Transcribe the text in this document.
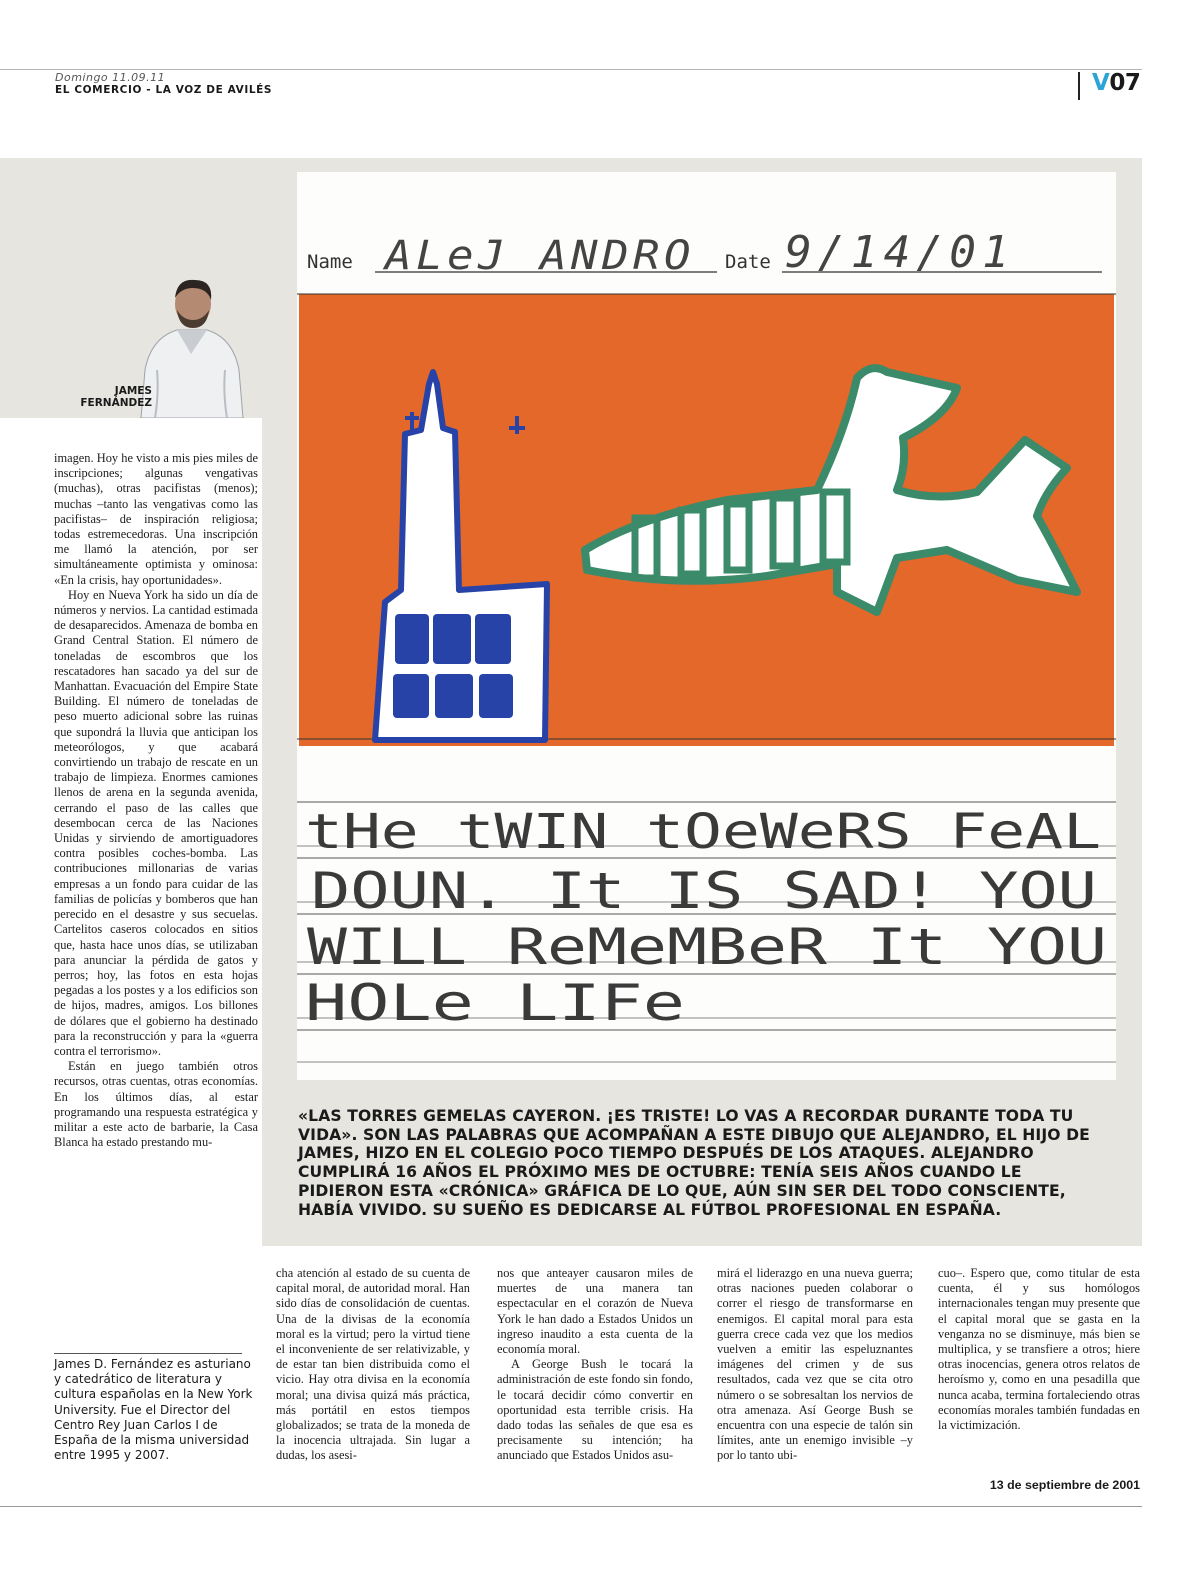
Domingo 11.09.11
EL COMERCIO - LA VOZ DE AVILÉS	V07
JAMES
FERNÁNDEZ
Name ALeJ ANDRO Date 9/14/01
tHe tWIN tOeWeRS FeAL
DOUN. It IS SAD! YOU
WILL ReMeMBeR It YOU
HOLe LIFe
«LAS TORRES GEMELAS CAYERON. ¡ES TRISTE! LO VAS A RECORDAR DURANTE TODA TU VIDA». SON LAS PALABRAS QUE ACOMPAÑAN A ESTE DIBUJO QUE ALEJANDRO, EL HIJO DE JAMES, HIZO EN EL COLEGIO POCO TIEMPO DESPUÉS DE LOS ATAQUES. ALEJANDRO CUMPLIRÁ 16 AÑOS EL PRÓXIMO MES DE OCTUBRE: TENÍA SEIS AÑOS CUANDO LE PIDIERON ESTA «CRÓNICA» GRÁFICA DE LO QUE, AÚN SIN SER DEL TODO CONSCIENTE, HABÍA VIVIDO. SU SUEÑO ES DEDICARSE AL FÚTBOL PROFESIONAL EN ESPAÑA.

imagen. Hoy he visto a mis pies miles de inscripciones; algunas vengativas (muchas), otras pacifistas (menos); muchas –tanto las vengativas como las pacifistas– de inspiración religiosa; todas estremecedoras. Una inscripción me llamó la atención, por ser simultáneamente optimista y ominosa: «En la crisis, hay oportunidades».

Hoy en Nueva York ha sido un día de números y nervios. La cantidad estimada de desaparecidos. Amenaza de bomba en Grand Central Station. El número de toneladas de escombros que los rescatadores han sacado ya del sur de Manhattan. Evacuación del Empire State Building. El número de toneladas de peso muerto adicional sobre las ruinas que supondrá la lluvia que anticipan los meteorólogos, y que acabará convirtiendo un trabajo de rescate en un trabajo de limpieza. Enormes camiones llenos de arena en la segunda avenida, cerrando el paso de las calles que desembocan cerca de las Naciones Unidas y sirviendo de amortiguadores contra posibles coches-bomba. Las contribuciones millonarias de varias empresas a un fondo para cuidar de las familias de policías y bomberos que han perecido en el desastre y sus secuelas. Cartelitos caseros colocados en sitios que, hasta hace unos días, se utilizaban para anunciar la pérdida de gatos y perros; hoy, las fotos en esta hojas pegadas a los postes y a los edificios son de hijos, madres, amigos. Los billones de dólares que el gobierno ha destinado para la reconstrucción y para la «guerra contra el terrorismo».

Están en juego también otros recursos, otras cuentas, otras economías. En los últimos días, al estar programando una respuesta estratégica y militar a este acto de barbarie, la Casa Blanca ha estado prestando mu-

cha atención al estado de su cuenta de capital moral, de autoridad moral. Han sido días de consolidación de cuentas. Una de la divisas de la economía moral es la virtud; pero la virtud tiene el inconveniente de ser relativizable, y de estar tan bien distribuida como el vicio. Hay otra divisa en la economía moral; una divisa quizá más práctica, más portátil en estos tiempos globalizados; se trata de la moneda de la inocencia ultrajada. Sin lugar a dudas, los asesi-

nos que anteayer causaron miles de muertes de una manera tan espectacular en el corazón de Nueva York le han dado a Estados Unidos un ingreso inaudito a esta cuenta de la economía moral.

A George Bush le tocará la administración de este fondo sin fondo, le tocará decidir cómo convertir en oportunidad esta terrible crisis. Ha dado todas las señales de que esa es precisamente su intención; ha anunciado que Estados Unidos asu-

mirá el liderazgo en una nueva guerra; otras naciones pueden colaborar o correr el riesgo de transformarse en enemigos. El capital moral para esta guerra crece cada vez que los medios vuelven a emitir las espeluznantes imágenes del crimen y de sus resultados, cada vez que se cita otro número o se sobresaltan los nervios de otra amenaza. Así George Bush se encuentra con una especie de talón sin límites, ante un enemigo invisible –y por lo tanto ubi-

cuo–. Espero que, como titular de esta cuenta, él y sus homólogos internacionales tengan muy presente que el capital moral que se gasta en la venganza no se disminuye, más bien se multiplica, y se transfiere a otros; hiere otras inocencias, genera otros relatos de heroísmo y, como en una pesadilla que nunca acaba, termina fortaleciendo otras economías morales también fundadas en la victimización.

James D. Fernández es asturiano y catedrático de literatura y cultura españolas en la New York University. Fue el Director del Centro Rey Juan Carlos I de España de la misma universidad entre 1995 y 2007.
13 de septiembre de 2001
